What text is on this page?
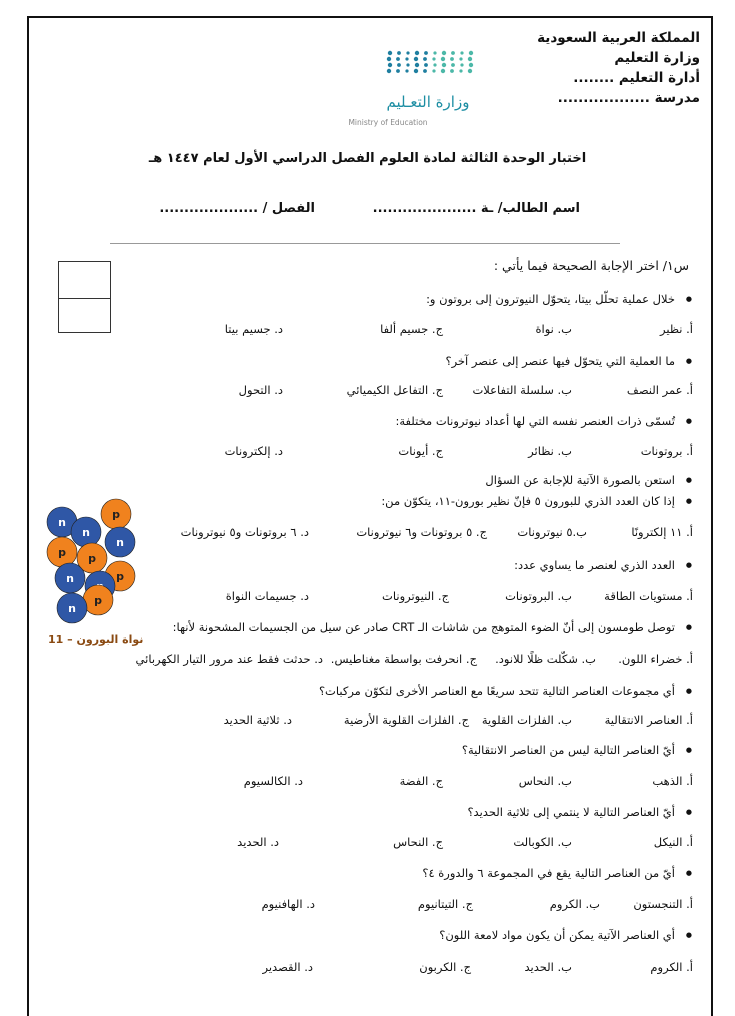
المملكة العربية السعودية
وزارة التعليم
أدارة التعليم ........
مدرسة ..................
وزارة التعـليم
Ministry of Education
اختبار الوحدة الثالثة لمادة العلوم الفصل الدراسي الأول لعام ١٤٤٧ هـ
اسم الطالب/ ـة .....................
الفصل / ....................
س١/ اختر الإجابة الصحيحة فيما يأتي :
● خلال عملية تحلّل بيتا، يتحوّل النيوترون إلى بروتون و:
أ. نظير
ب. نواة
ج. جسيم ألفا
د. جسيم بيتا
● ما العملية التي يتحوّل فيها عنصر إلى عنصر آخر؟
أ. عمر النصف
ب. سلسلة التفاعلات
ج. التفاعل الكيميائي
د. التحول
● تُسمّى ذرات العنصر نفسه التي لها أعداد نيوترونات مختلفة:
أ. بروتونات
ب. نظائر
ج. أيونات
د. إلكترونات
● استعن بالصورة الآتية للإجابة عن السؤال
● إذا كان العدد الذري للبورون ٥ فإنّ نظير بورون-١١، يتكوّن من:
أ. ١١ إلكترونًا
ب.٥ نيوترونات
ج. ٥ بروتونات و٦ نيوترونات
د. ٦ بروتونات و٥ نيوترونات
● العدد الذري لعنصر ما يساوي عدد:
أ. مستويات الطاقة
ب. البروتونات
ج. النيوترونات
د. جسيمات النواة
● توصل طومسون إلى أنّ الضوء المتوهج من شاشات الـ CRT صادر عن سيل من الجسيمات المشحونة لأنها:
أ. خضراء اللون.
ب. شكّلت ظلًا للانود.
ج. انحرفت بواسطة مغناطيس.
د. حدثت فقط عند مرور التيار الكهربائي
● أي مجموعات العناصر التالية تتحد سريعًا مع العناصر الأخرى لتكوّن مركبات؟
أ. العناصر الانتقالية
ب. الفلزات القلوية
ج. الفلزات القلوية الأرضية
د. ثلاثية الحديد
● أيّ العناصر التالية ليس من العناصر الانتقالية؟
أ. الذهب
ب. النحاس
ج. الفضة
د. الكالسيوم
● أيّ العناصر التالية لا ينتمي إلى ثلاثية الحديد؟
أ. النيكل
ب. الكوبالت
ج. النحاس
د. الحديد
● أيّ من العناصر التالية يقع في المجموعة ٦ والدورة ٤؟
أ. التنجستون
ب. الكروم
ج. التيتانيوم
د. الهافنيوم
● أي العناصر الآتية يمكن أن يكون مواد لامعة اللون؟
أ. الكروم
ب. الحديد
ج. الكربون
د. القصدير
n
p
n
n
p p
n	p
p
n
نواة البورون – 11
